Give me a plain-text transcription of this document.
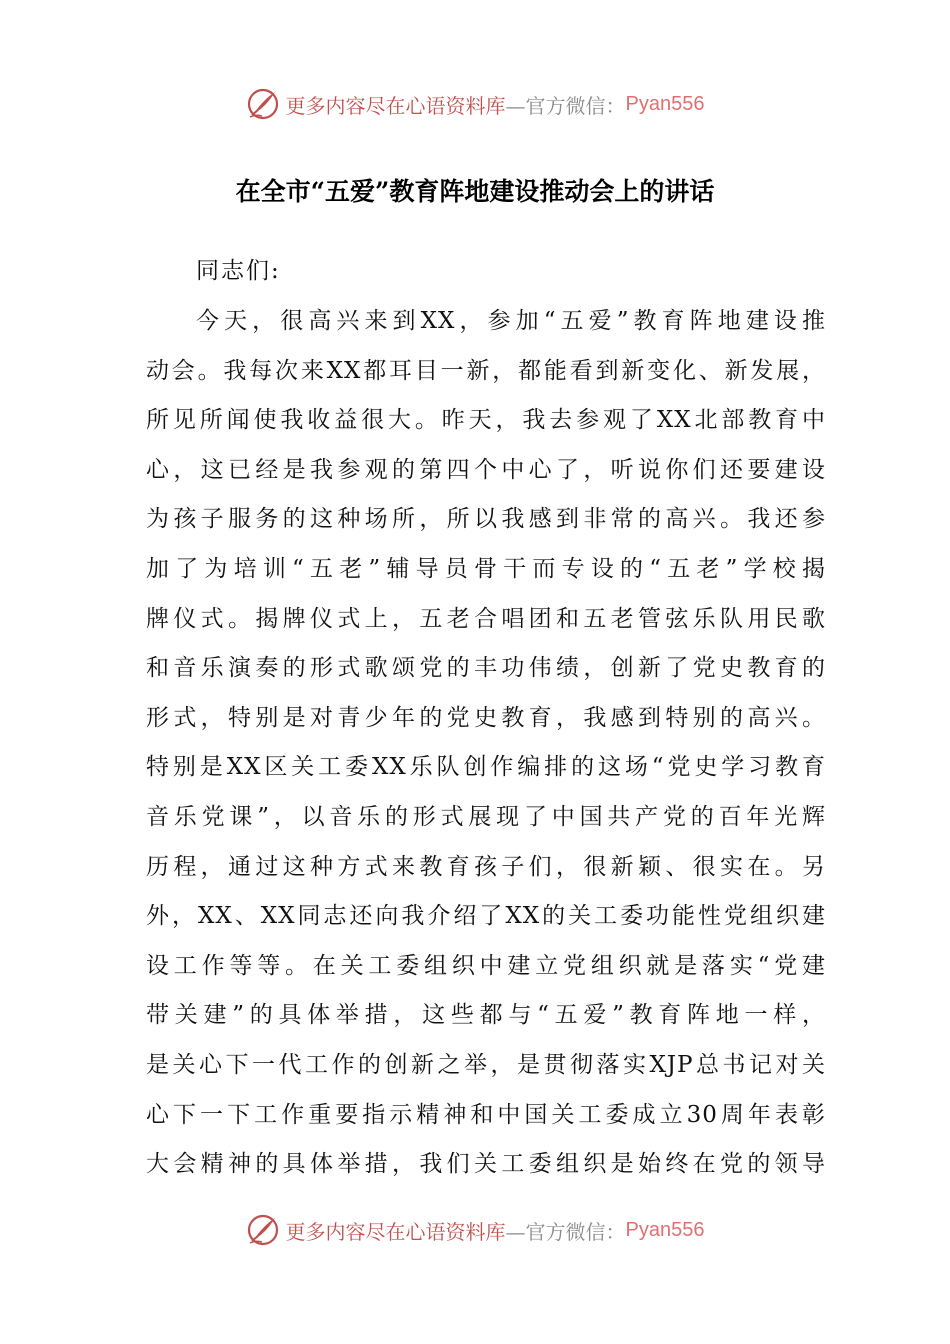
更多内容尽在心语资料库 —官方微信： Pyan556
在全市“五爱”教育阵地建设推动会上的讲话
同志们:
今天，很高兴来到XX，参加“五爱”教育阵地建设推
动会。我每次来XX都耳目一新，都能看到新变化、新发展，
所见所闻使我收益很大。昨天，我去参观了XX北部教育中
心，这已经是我参观的第四个中心了，听说你们还要建设
为孩子服务的这种场所，所以我感到非常的高兴。我还参
加了为培训“五老”辅导员骨干而专设的“五老”学校揭
牌仪式。揭牌仪式上，五老合唱团和五老管弦乐队用民歌
和音乐演奏的形式歌颂党的丰功伟绩，创新了党史教育的
形式，特别是对青少年的党史教育，我感到特别的高兴。
特别是XX区关工委XX乐队创作编排的这场“党史学习教育
音乐党课”，以音乐的形式展现了中国共产党的百年光辉
历程，通过这种方式来教育孩子们，很新颖、很实在。另
外，XX、XX同志还向我介绍了XX的关工委功能性党组织建
设工作等等。在关工委组织中建立党组织就是落实“党建
带关建”的具体举措，这些都与“五爱”教育阵地一样，
是关心下一代工作的创新之举，是贯彻落实XJP总书记对关
心下一下工作重要指示精神和中国关工委成立30周年表彰
大会精神的具体举措，我们关工委组织是始终在党的领导
更多内容尽在心语资料库 —官方微信： Pyan556
